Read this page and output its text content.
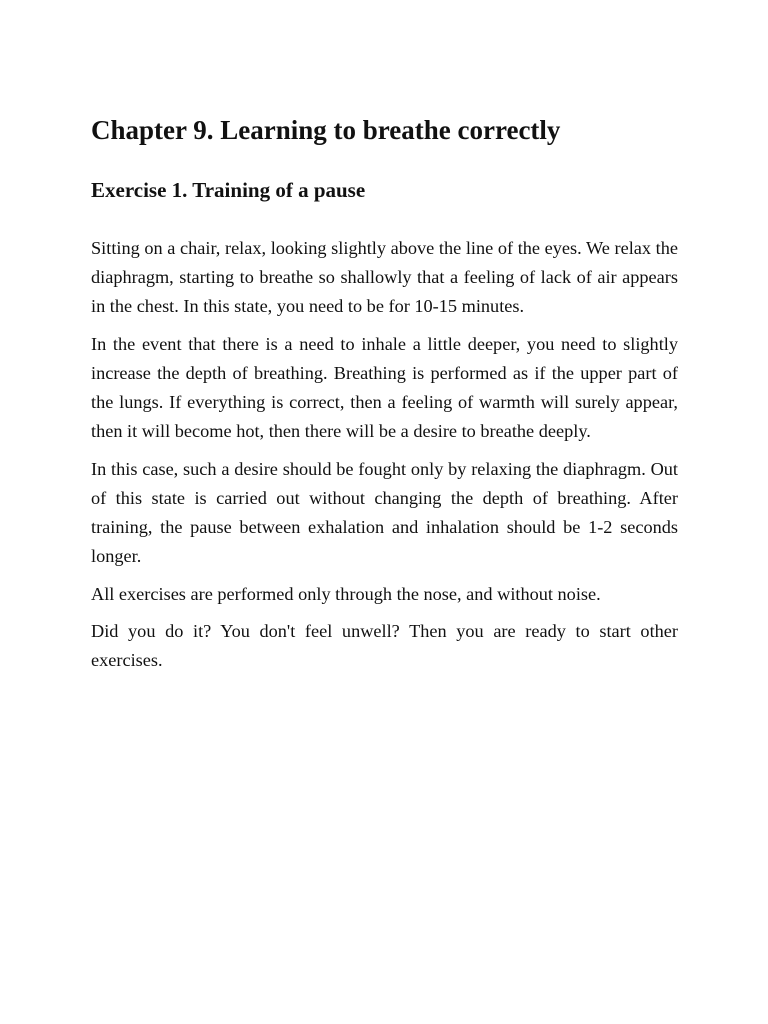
Chapter 9. Learning to breathe correctly
Exercise 1. Training of a pause

Sitting on a chair, relax, looking slightly above the line of the eyes. We relax the diaphragm, starting to breathe so shallowly that a feeling of lack of air appears in the chest. In this state, you need to be for 10-15 minutes.

In the event that there is a need to inhale a little deeper, you need to slightly increase the depth of breathing. Breathing is performed as if the upper part of the lungs. If everything is correct, then a feeling of warmth will surely appear, then it will become hot, then there will be a desire to breathe deeply.

In this case, such a desire should be fought only by relaxing the diaphragm. Out of this state is carried out without changing the depth of breathing. After training, the pause between exhalation and inhalation should be 1-2 seconds longer.

All exercises are performed only through the nose, and without noise.

Did you do it? You don't feel unwell? Then you are ready to start other exercises.
